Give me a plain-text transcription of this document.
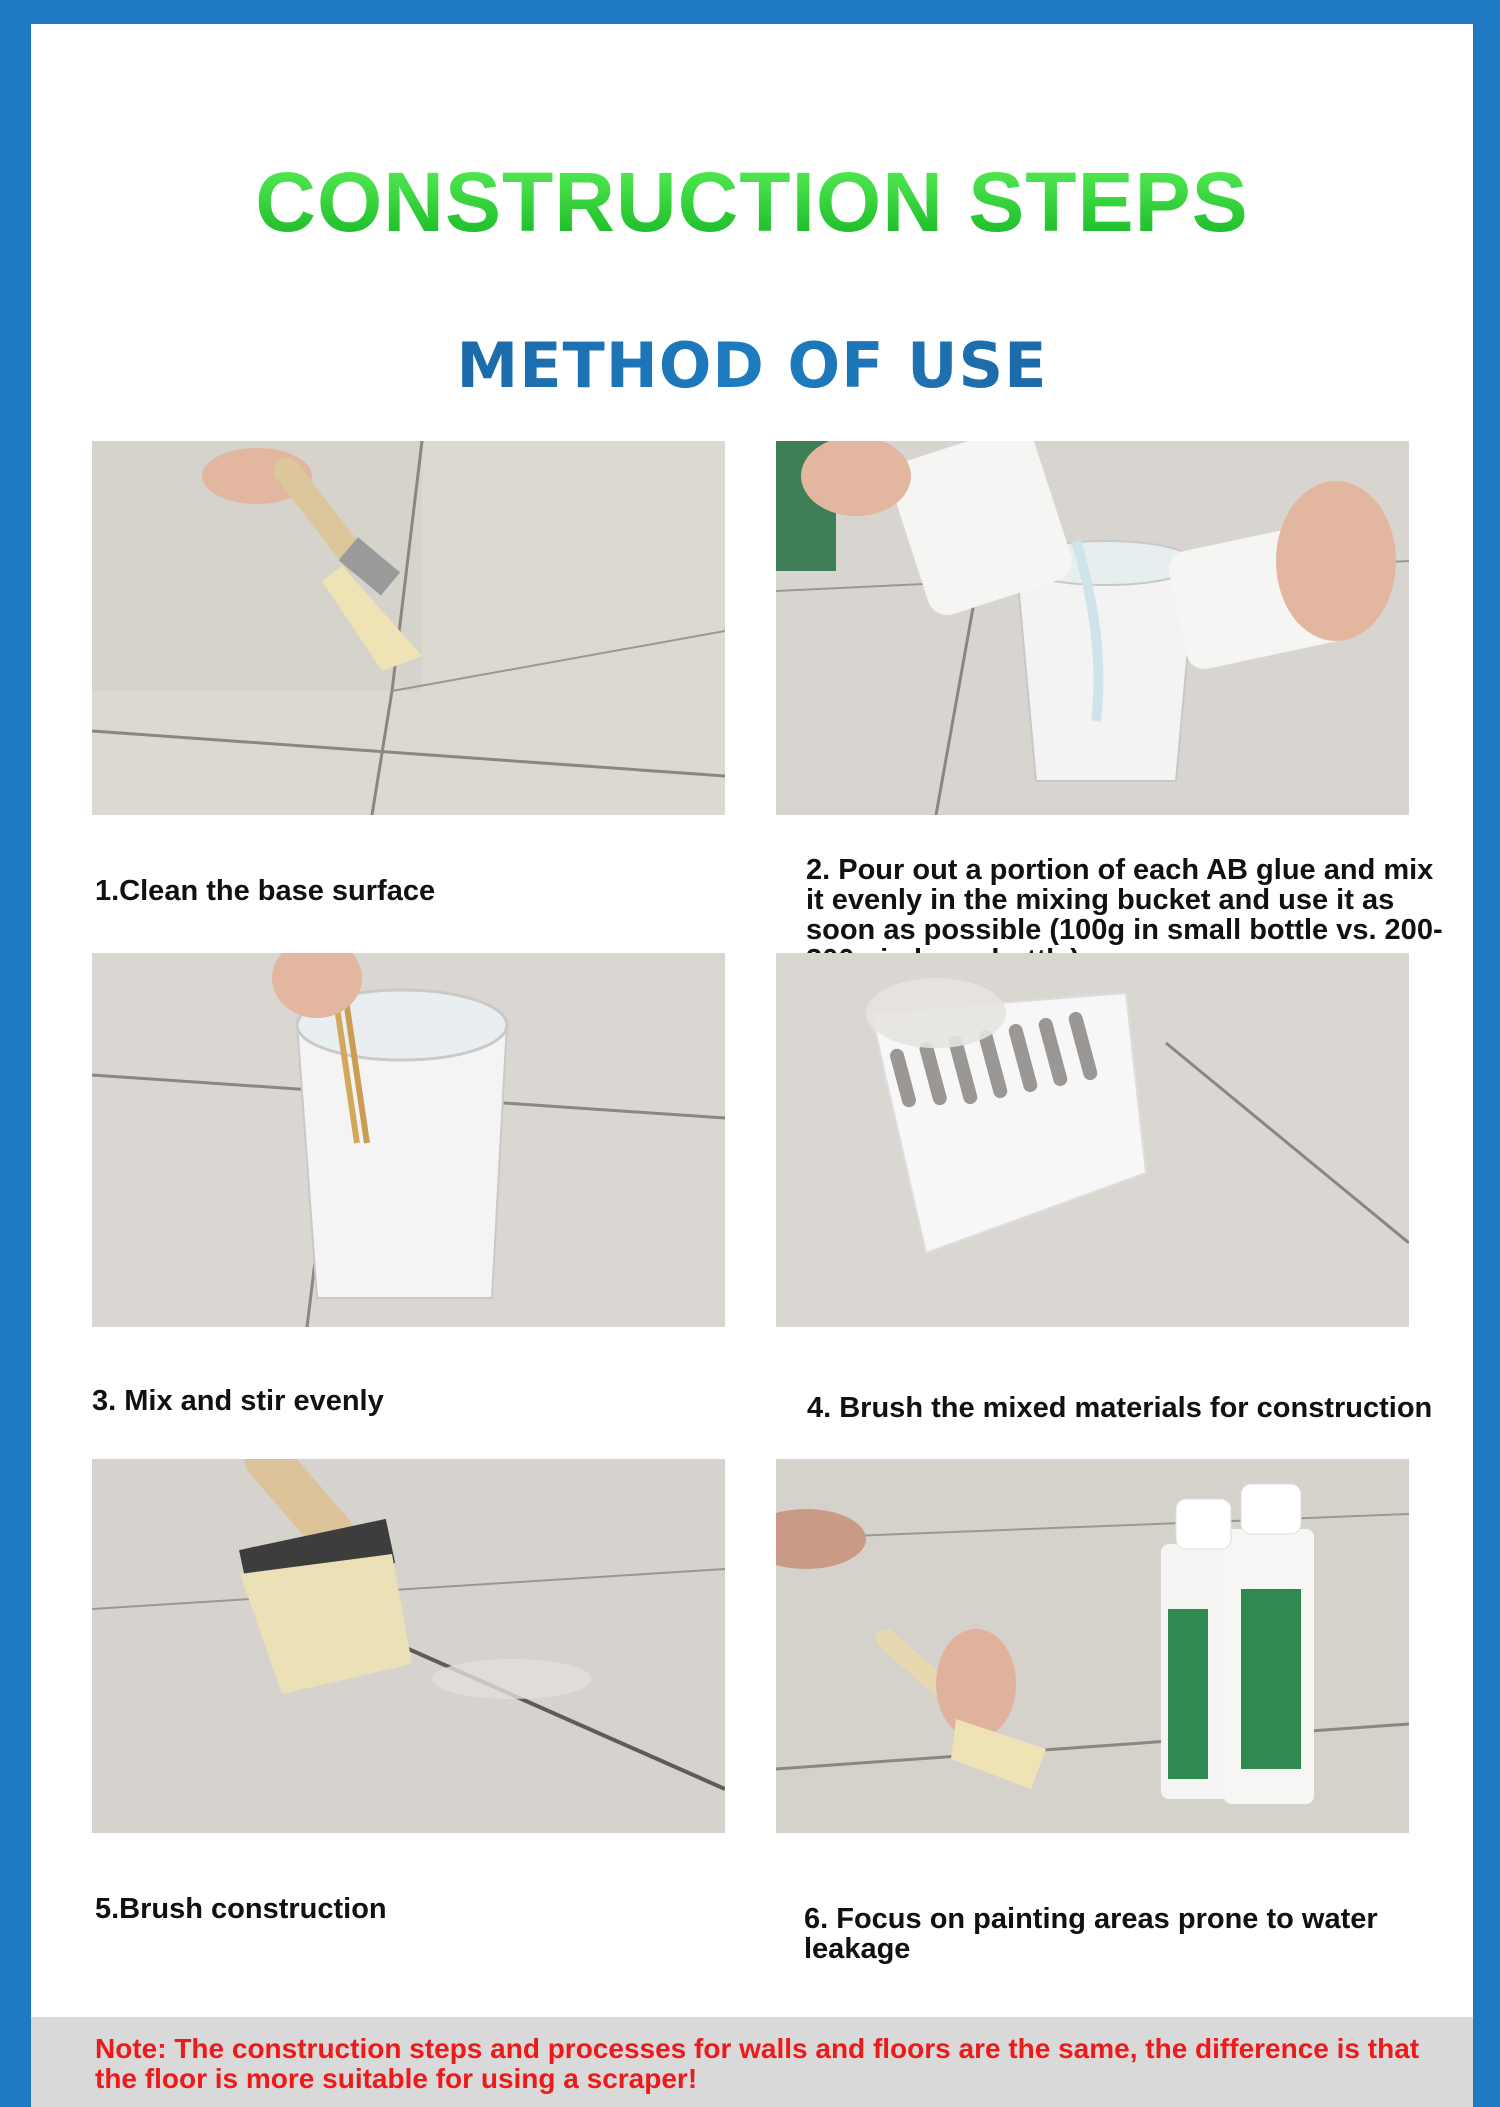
CONSTRUCTION STEPS
METHOD OF USE

1.Clean the base surface

2. Pour out a portion of each AB glue and mix it evenly in the mixing bucket and use it as soon as possible (100g in small bottle vs. 200-

3. Mix and stir evenly	4. Brush the mixed materials for construction

5.Brush construction	6. Focus on painting areas prone to water leakage

Note: The construction steps and processes for walls and floors are the same, the difference is that the floor is more suitable for using a scraper!
